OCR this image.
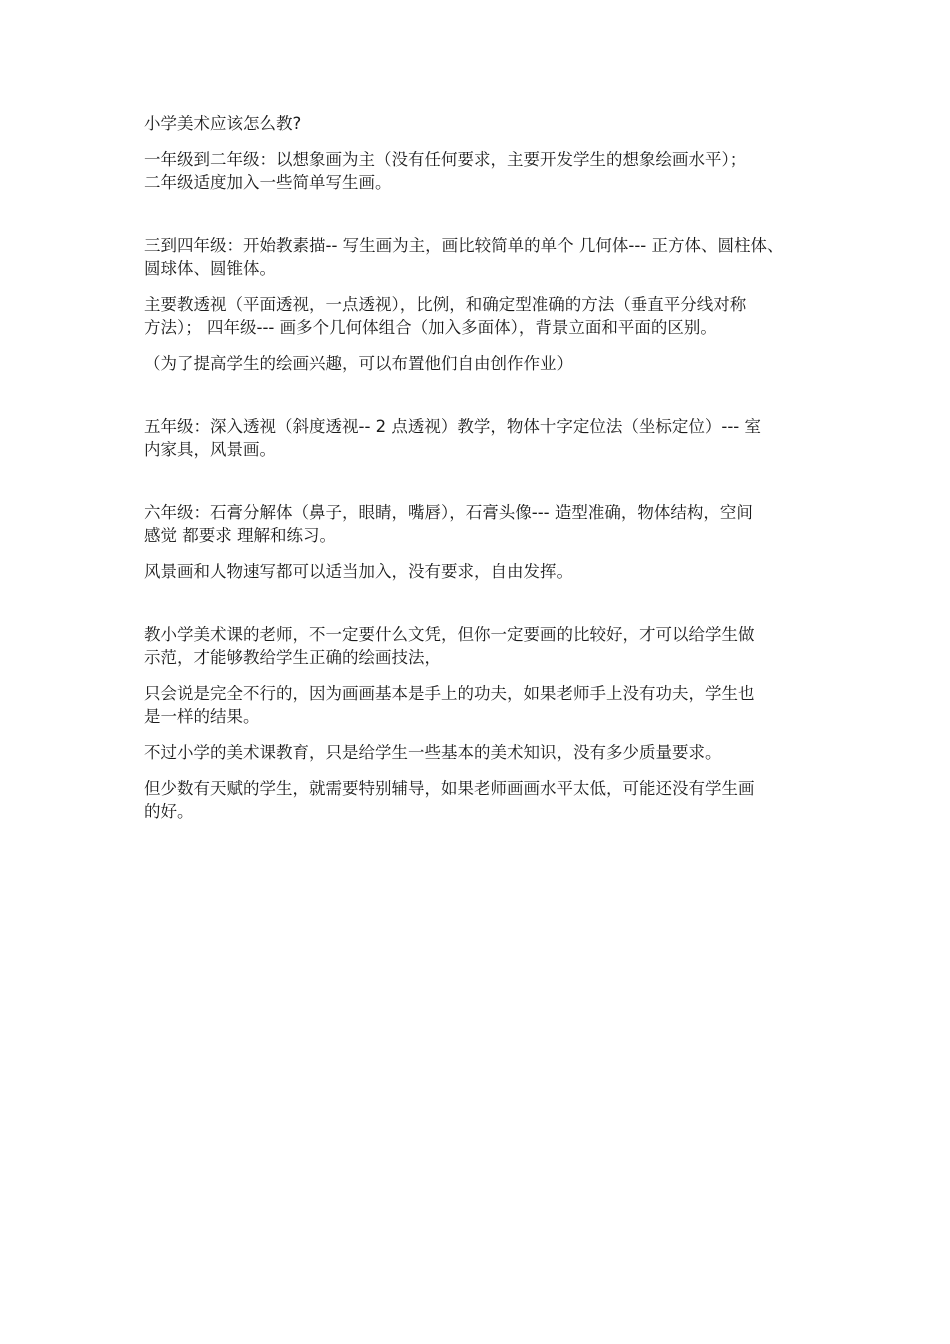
小学美术应该怎么教?

一年级到二年级：以想象画为主（没有任何要求，主要开发学生的想象绘画水平）；
二年级适度加入一些简单写生画。

三到四年级：开始教素描-- 写生画为主，画比较简单的单个 几何体--- 正方体、圆柱体、
圆球体、圆锥体。

主要教透视（平面透视，一点透视），比例，和确定型准确的方法（垂直平分线对称
方法）； 四年级--- 画多个几何体组合（加入多面体），背景立面和平面的区别。

（为了提高学生的绘画兴趣，可以布置他们自由创作作业）

五年级：深入透视（斜度透视-- 2 点透视）教学，物体十字定位法（坐标定位）--- 室
内家具，风景画。

六年级：石膏分解体（鼻子，眼睛，嘴唇），石膏头像--- 造型准确，物体结构，空间
感觉 都要求 理解和练习。

风景画和人物速写都可以适当加入，没有要求，自由发挥。

教小学美术课的老师，不一定要什么文凭，但你一定要画的比较好，才可以给学生做
示范，才能够教给学生正确的绘画技法，

只会说是完全不行的，因为画画基本是手上的功夫，如果老师手上没有功夫，学生也
是一样的结果。

不过小学的美术课教育，只是给学生一些基本的美术知识，没有多少质量要求。

但少数有天赋的学生，就需要特别辅导，如果老师画画水平太低，可能还没有学生画
的好。
